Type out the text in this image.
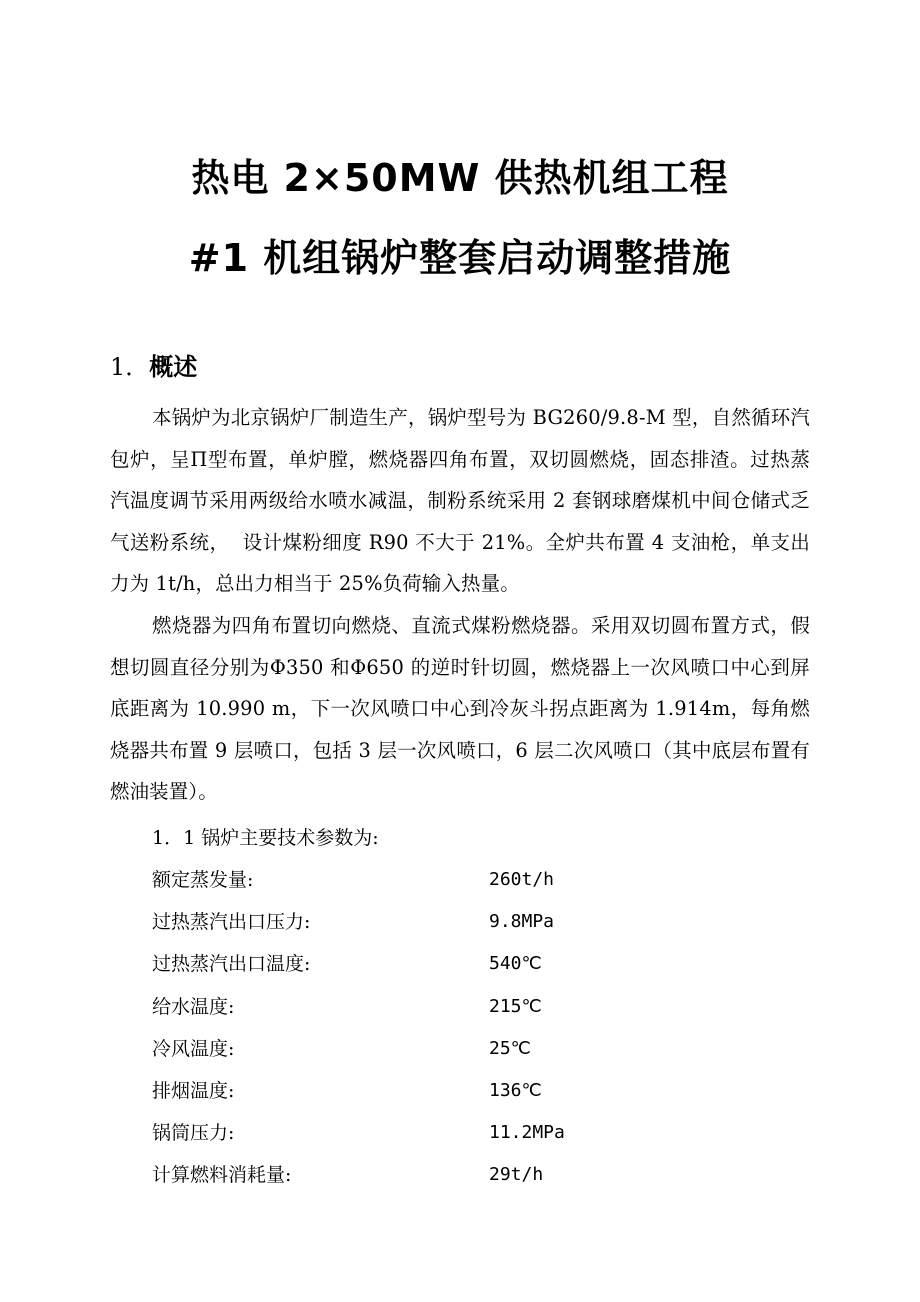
热电 2×50MW 供热机组工程
#1 机组锅炉整套启动调整措施
1．概述

本锅炉为北京锅炉厂制造生产，锅炉型号为 BG260/9.8-M 型，自然循环汽包炉，呈Π型布置，单炉膛，燃烧器四角布置，双切圆燃烧，固态排渣。过热蒸汽温度调节采用两级给水喷水减温，制粉系统采用 2 套钢球磨煤机中间仓储式乏气送粉系统，  设计煤粉细度 R90 不大于 21%。全炉共布置 4 支油枪，单支出力为 1t/h，总出力相当于 25%负荷输入热量。

燃烧器为四角布置切向燃烧、直流式煤粉燃烧器。采用双切圆布置方式，假想切圆直径分别为Φ350 和Φ650 的逆时针切圆，燃烧器上一次风喷口中心到屏底距离为 10.990 m，下一次风喷口中心到冷灰斗拐点距离为 1.914m，每角燃烧器共布置 9 层喷口，包括 3 层一次风喷口，6 层二次风喷口（其中底层布置有燃油装置）。

1．1 锅炉主要技术参数为:
额定蒸发量:	260t/h
过热蒸汽出口压力:	9.8MPa
过热蒸汽出口温度:	540℃
给水温度:	215℃
冷风温度:	25℃
排烟温度:	136℃
锅筒压力:	11.2MPa
计算燃料消耗量:	29t/h
